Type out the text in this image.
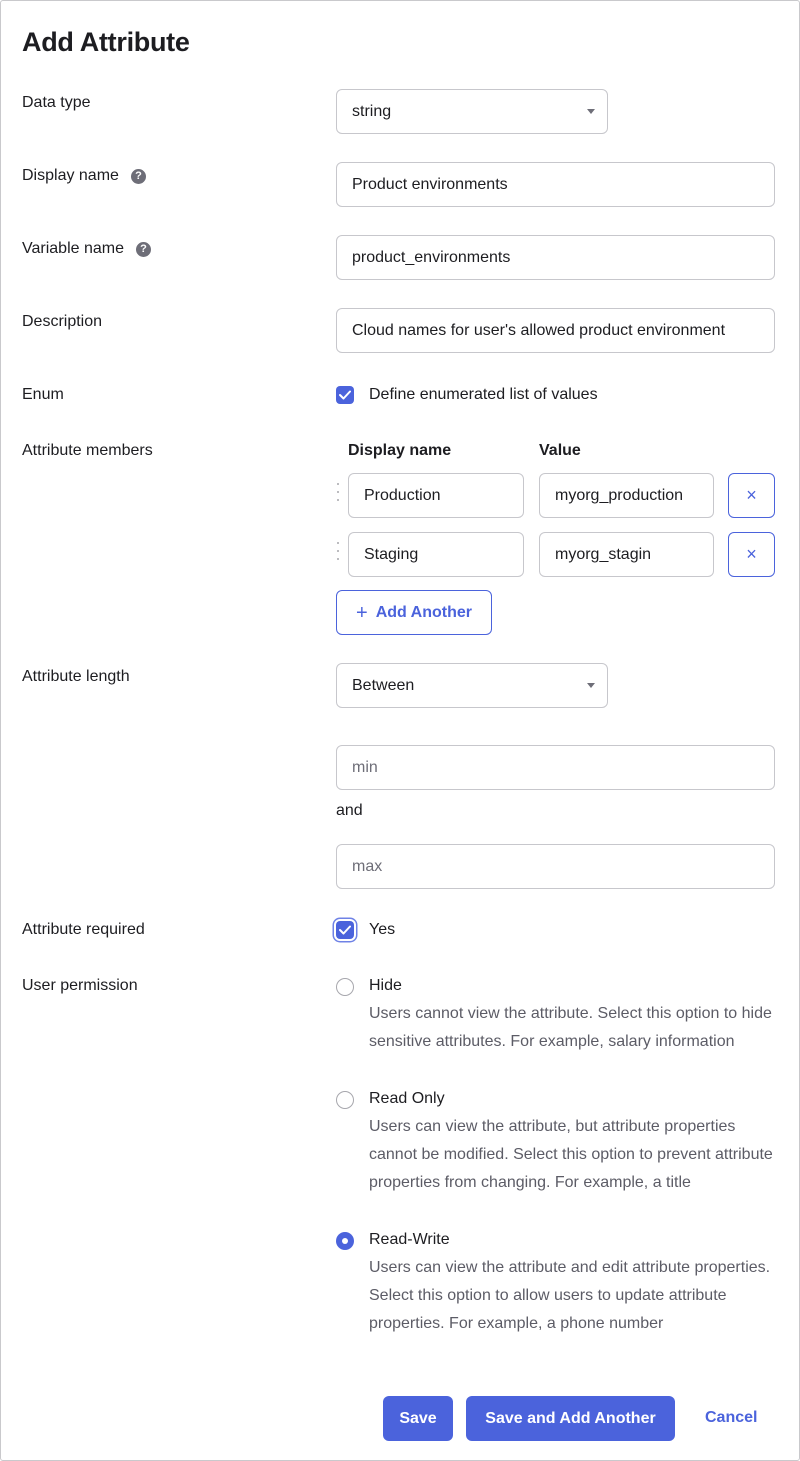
Add Attribute
Data type	string
Display name	?	Product environments
Variable name	?	product_environments
Description	Cloud names for user's allowed product environment
Enum	Define enumerated list of values
Attribute members	Display name	Value
Production	myorg_production	×
Staging	myorg_stagin	×
+ Add Another
Attribute length	Between
min
and
max
Attribute required	Yes
User permission	Hide
Users cannot view the attribute. Select this option to hide sensitive attributes. For example, salary information
Read Only
Users can view the attribute, but attribute properties cannot be modified. Select this option to prevent attribute properties from changing. For example, a title
Read-Write
Users can view the attribute and edit attribute properties. Select this option to allow users to update attribute properties. For example, a phone number
Save	Save and Add Another	Cancel
